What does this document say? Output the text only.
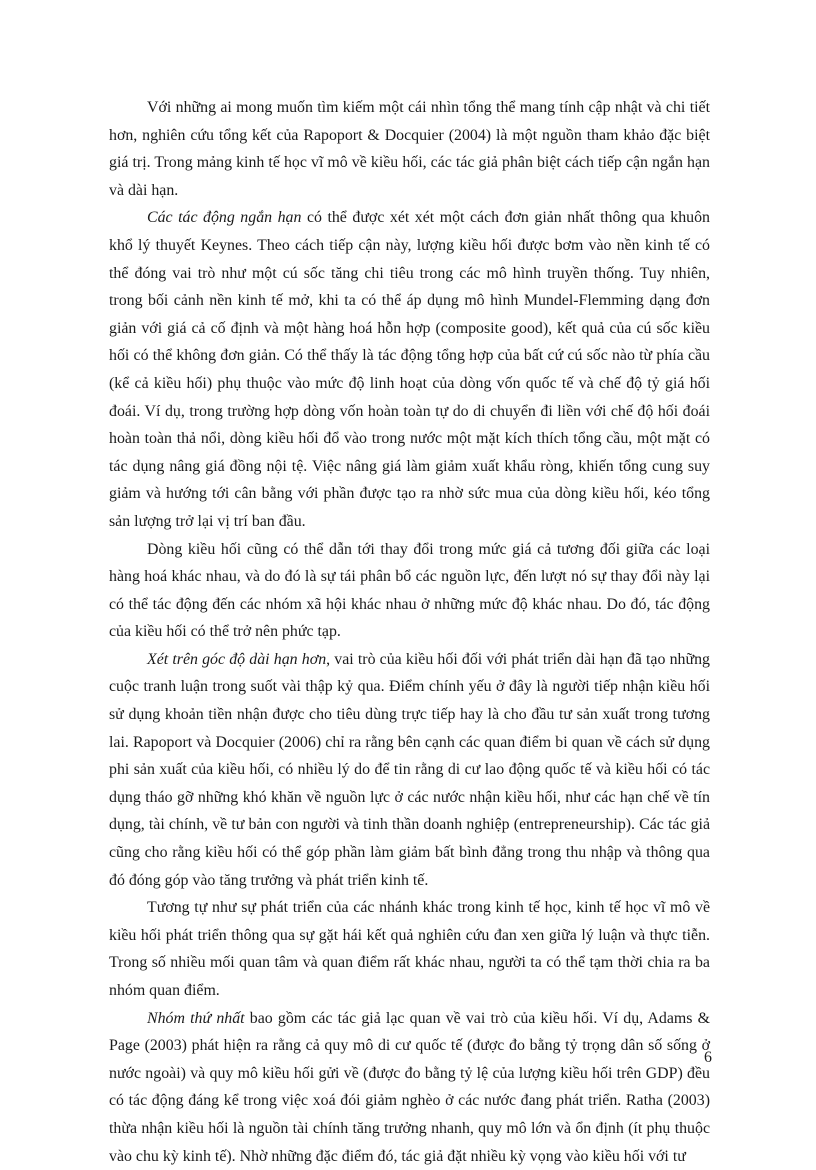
Với những ai mong muốn tìm kiếm một cái nhìn tổng thể mang tính cập nhật và chi tiết hơn, nghiên cứu tổng kết của Rapoport & Docquier (2004) là một nguồn tham khảo đặc biệt giá trị. Trong mảng kinh tế học vĩ mô về kiều hối, các tác giả phân biệt cách tiếp cận ngắn hạn và dài hạn.

Các tác động ngắn hạn có thể được xét xét một cách đơn giản nhất thông qua khuôn khổ lý thuyết Keynes. Theo cách tiếp cận này, lượng kiều hối được bơm vào nền kinh tế có thể đóng vai trò như một cú sốc tăng chi tiêu trong các mô hình truyền thống. Tuy nhiên, trong bối cảnh nền kinh tế mở, khi ta có thể áp dụng mô hình Mundel-Flemming dạng đơn giản với giá cả cố định và một hàng hoá hỗn hợp (composite good), kết quả của cú sốc kiều hối có thể không đơn giản. Có thể thấy là tác động tổng hợp của bất cứ cú sốc nào từ phía cầu (kể cả kiều hối) phụ thuộc vào mức độ linh hoạt của dòng vốn quốc tế và chế độ tỷ giá hối đoái. Ví dụ, trong trường hợp dòng vốn hoàn toàn tự do di chuyển đi liền với chế độ hối đoái hoàn toàn thả nổi, dòng kiều hối đổ vào trong nước một mặt kích thích tổng cầu, một mặt có tác dụng nâng giá đồng nội tệ. Việc nâng giá làm giảm xuất khẩu ròng, khiến tổng cung suy giảm và hướng tới cân bằng với phần được tạo ra nhờ sức mua của dòng kiều hối, kéo tổng sản lượng trở lại vị trí ban đầu.

Dòng kiều hối cũng có thể dẫn tới thay đổi trong mức giá cả tương đối giữa các loại hàng hoá khác nhau, và do đó là sự tái phân bổ các nguồn lực, đến lượt nó sự thay đổi này lại có thể tác động đến các nhóm xã hội khác nhau ở những mức độ khác nhau. Do đó, tác động của kiều hối có thể trở nên phức tạp.

Xét trên góc độ dài hạn hơn, vai trò của kiều hối đối với phát triển dài hạn đã tạo những cuộc tranh luận trong suốt vài thập kỷ qua. Điểm chính yếu ở đây là người tiếp nhận kiều hối sử dụng khoản tiền nhận được cho tiêu dùng trực tiếp hay là cho đầu tư sản xuất trong tương lai. Rapoport và Docquier (2006) chỉ ra rằng bên cạnh các quan điểm bi quan về cách sử dụng phi sản xuất của kiều hối, có nhiều lý do để tin rằng di cư lao động quốc tế và kiều hối có tác dụng tháo gỡ những khó khăn về nguồn lực ở các nước nhận kiều hối, như các hạn chế về tín dụng, tài chính, về tư bản con người và tinh thần doanh nghiệp (entrepreneurship). Các tác giả cũng cho rằng kiều hối có thể góp phần làm giảm bất bình đẳng trong thu nhập và thông qua đó đóng góp vào tăng trưởng và phát triển kinh tế.

Tương tự như sự phát triển của các nhánh khác trong kinh tế học, kinh tế học vĩ mô về kiều hối phát triển thông qua sự gặt hái kết quả nghiên cứu đan xen giữa lý luận và thực tiễn. Trong số nhiều mối quan tâm và quan điểm rất khác nhau, người ta có thể tạm thời chia ra ba nhóm quan điểm.

Nhóm thứ nhất bao gồm các tác giả lạc quan về vai trò của kiều hối. Ví dụ, Adams & Page (2003) phát hiện ra rằng cả quy mô di cư quốc tế (được đo bằng tỷ trọng dân số sống ở nước ngoài) và quy mô kiều hối gửi về (được đo bằng tỷ lệ của lượng kiều hối trên GDP) đều có tác động đáng kể trong việc xoá đói giảm nghèo ở các nước đang phát triển. Ratha (2003) thừa nhận kiều hối là nguồn tài chính tăng trưởng nhanh, quy mô lớn và ổn định (ít phụ thuộc vào chu kỳ kinh tế). Nhờ những đặc điểm đó, tác giả đặt nhiều kỳ vọng vào kiều hối với tư

6
